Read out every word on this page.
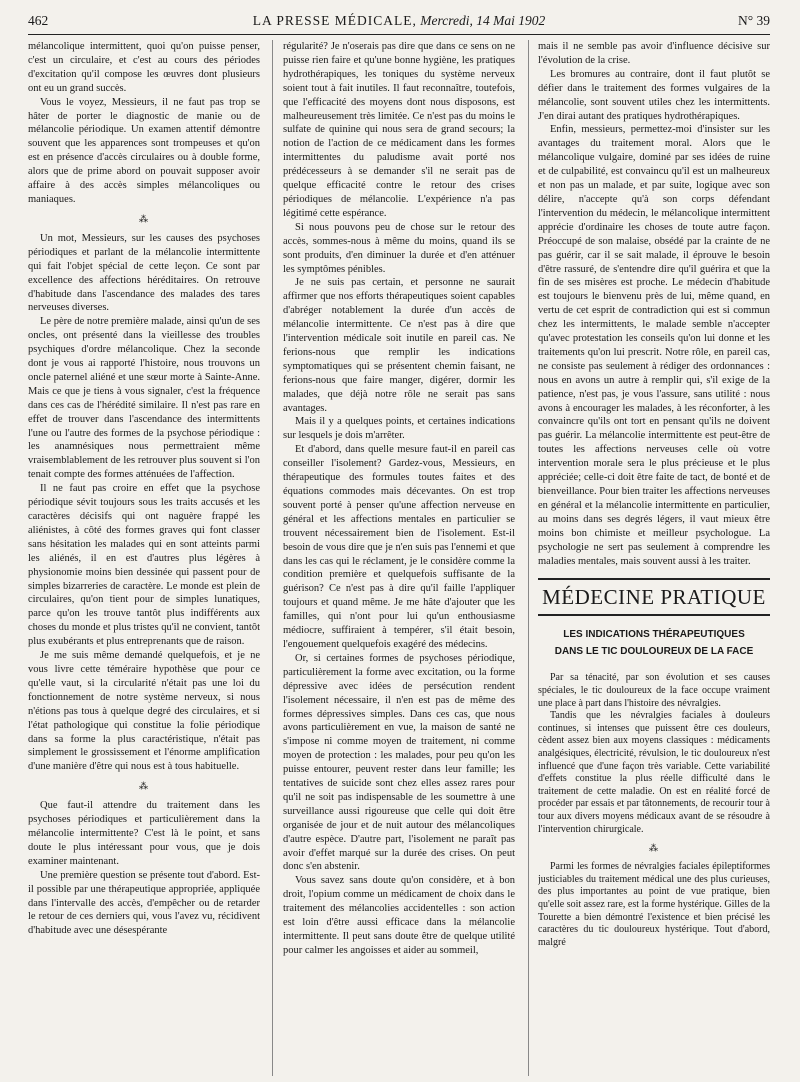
462	LA PRESSE MÉDICALE, Mercredi, 14 Mai 1902	N° 39

mélancolique intermittent, quoi qu'on puisse penser, c'est un circulaire, et c'est au cours des périodes d'excitation qu'il compose les œuvres dont plusieurs ont eu un grand succès.

Vous le voyez, Messieurs, il ne faut pas trop se hâter de porter le diagnostic de manie ou de mélancolie périodique. Un examen attentif démontre souvent que les apparences sont trompeuses et qu'on est en présence d'accès circulaires ou à double forme, alors que de prime abord on pouvait supposer avoir affaire à des accès simples mélancoliques ou maniaques.

⁂

Un mot, Messieurs, sur les causes des psychoses périodiques et parlant de la mélancolie intermittente qui fait l'objet spécial de cette leçon. Ce sont par excellence des affections héréditaires. On retrouve d'habitude dans l'ascendance des malades des tares nerveuses diverses.

Le père de notre première malade, ainsi qu'un de ses oncles, ont présenté dans la vieillesse des troubles psychiques d'ordre mélancolique. Chez la seconde dont je vous ai rapporté l'histoire, nous trouvons un oncle paternel aliéné et une sœur morte à Sainte-Anne. Mais ce que je tiens à vous signaler, c'est la fréquence dans ces cas de l'hérédité similaire. Il n'est pas rare en effet de trouver dans l'ascendance des intermittents l'une ou l'autre des formes de la psychose périodique : les anamnésiques nous permettraient même vraisemblablement de les retrouver plus souvent si l'on tenait compte des formes atténuées de l'affection.

Il ne faut pas croire en effet que la psychose périodique sévit toujours sous les traits accusés et les caractères décisifs qui ont naguère frappé les aliénistes, à côté des formes graves qui font classer sans hésitation les malades qui en sont atteints parmi les aliénés, il en est d'autres plus légères à physionomie moins bien dessinée qui passent pour de simples bizarreries de caractère. Le monde est plein de circulaires, qu'on tient pour de simples lunatiques, parce qu'on les trouve tantôt plus indifférents aux choses du monde et plus tristes qu'il ne convient, tantôt plus exubérants et plus entreprenants que de raison.

Je me suis même demandé quelquefois, et je ne vous livre cette téméraire hypothèse que pour ce qu'elle vaut, si la circularité n'était pas une loi du fonctionnement de notre système nerveux, si nous n'étions pas tous à quelque degré des circulaires, et si l'état pathologique qui constitue la folie périodique dans sa forme la plus caractéristique, n'était pas simplement le grossissement et l'énorme amplification d'une manière d'être qui nous est à tous habituelle.

⁂

Que faut-il attendre du traitement dans les psychoses périodiques et particulièrement dans la mélancolie intermittente? C'est là le point, et sans doute le plus intéressant pour vous, que je dois examiner maintenant.

Une première question se présente tout d'abord. Est-il possible par une thérapeutique appropriée, appliquée dans l'intervalle des accès, d'empêcher ou de retarder le retour de ces derniers qui, vous l'avez vu, récidivent d'habitude avec une désespérante

régularité? Je n'oserais pas dire que dans ce sens on ne puisse rien faire et qu'une bonne hygiène, les pratiques hydrothérapiques, les toniques du système nerveux soient tout à fait inutiles. Il faut reconnaître, toutefois, que l'efficacité des moyens dont nous disposons, est malheureusement très limitée. Ce n'est pas du moins le sulfate de quinine qui nous sera de grand secours; la notion de l'action de ce médicament dans les formes intermittentes du paludisme avait porté nos prédécesseurs à se demander s'il ne serait pas de quelque efficacité contre le retour des crises périodiques de mélancolie. L'expérience n'a pas légitimé cette espérance.

Si nous pouvons peu de chose sur le retour des accès, sommes-nous à même du moins, quand ils se sont produits, d'en diminuer la durée et d'en atténuer les symptômes pénibles.

Je ne suis pas certain, et personne ne saurait affirmer que nos efforts thérapeutiques soient capables d'abréger notablement la durée d'un accès de mélancolie intermittente. Ce n'est pas à dire que l'intervention médicale soit inutile en pareil cas. Ne ferions-nous que remplir les indications symptomatiques qui se présentent chemin faisant, ne ferions-nous que faire manger, digérer, dormir les malades, que déjà notre rôle ne serait pas sans avantages.

Mais il y a quelques points, et certaines indications sur lesquels je dois m'arrêter.

Et d'abord, dans quelle mesure faut-il en pareil cas conseiller l'isolement? Gardez-vous, Messieurs, en thérapeutique des formules toutes faites et des équations commodes mais décevantes. On est trop souvent porté à penser qu'une affection nerveuse en général et les affections mentales en particulier se trouvent nécessairement bien de l'isolement. Est-il besoin de vous dire que je n'en suis pas l'ennemi et que dans les cas qui le réclament, je le considère comme la condition première et quelquefois suffisante de la guérison? Ce n'est pas à dire qu'il faille l'appliquer toujours et quand même. Je me hâte d'ajouter que les familles, qui n'ont pour lui qu'un enthousiasme médiocre, suffiraient à tempérer, s'il était besoin, l'engouement quelquefois exagéré des médecins.

Or, si certaines formes de psychoses périodique, particulièrement la forme avec excitation, ou la forme dépressive avec idées de persécution rendent l'isolement nécessaire, il n'en est pas de même des formes dépressives simples. Dans ces cas, que nous avons particulièrement en vue, la maison de santé ne s'impose ni comme moyen de traitement, ni comme moyen de protection : les malades, pour peu qu'on les puisse entourer, peuvent rester dans leur famille; les tentatives de suicide sont chez elles assez rares pour qu'il ne soit pas indispensable de les soumettre à une surveillance aussi rigoureuse que celle qui doit être organisée de jour et de nuit autour des mélancoliques d'autre espèce. D'autre part, l'isolement ne paraît pas avoir d'effet marqué sur la durée des crises. On peut donc s'en abstenir.

Vous savez sans doute qu'on considère, et à bon droit, l'opium comme un médicament de choix dans le traitement des mélancolies accidentelles : son action est loin d'être aussi efficace dans la mélancolie intermittente. Il peut sans doute être de quelque utilité pour calmer les angoisses et aider au sommeil,

mais il ne semble pas avoir d'influence décisive sur l'évolution de la crise.

Les bromures au contraire, dont il faut plutôt se défier dans le traitement des formes vulgaires de la mélancolie, sont souvent utiles chez les intermittents. J'en dirai autant des pratiques hydrothérapiques.

Enfin, messieurs, permettez-moi d'insister sur les avantages du traitement moral. Alors que le mélancolique vulgaire, dominé par ses idées de ruine et de culpabilité, est convaincu qu'il est un malheureux et non pas un malade, et par suite, logique avec son délire, n'accepte qu'à son corps défendant l'intervention du médecin, le mélancolique intermittent apprécie d'ordinaire les choses de toute autre façon. Préoccupé de son malaise, obsédé par la crainte de ne pas guérir, car il se sait malade, il éprouve le besoin d'être rassuré, de s'entendre dire qu'il guérira et que la fin de ses misères est proche. Le médecin d'habitude est toujours le bienvenu près de lui, même quand, en vertu de cet esprit de contradiction qui est si commun chez les intermittents, le malade semble n'accepter qu'avec protestation les conseils qu'on lui donne et les traitements qu'on lui prescrit. Notre rôle, en pareil cas, ne consiste pas seulement à rédiger des ordonnances : nous en avons un autre à remplir qui, s'il exige de la patience, n'est pas, je vous l'assure, sans utilité : nous avons à encourager les malades, à les réconforter, à les convaincre qu'ils ont tort en pensant qu'ils ne doivent pas guérir. La mélancolie intermittente est peut-être de toutes les affections nerveuses celle où votre intervention morale sera le plus précieuse et le plus appréciée; celle-ci doit être faite de tact, de bonté et de bienveillance. Pour bien traiter les affections nerveuses en général et la mélancolie intermittente en particulier, au moins dans ses degrés légers, il vaut mieux être moins bon chimiste et meilleur psychologue. La psychologie ne sert pas seulement à comprendre les maladies mentales, mais souvent aussi à les traiter.

MÉDECINE PRATIQUE
LES INDICATIONS THÉRAPEUTIQUES
DANS LE TIC DOULOUREUX DE LA FACE

Par sa ténacité, par son évolution et ses causes spéciales, le tic douloureux de la face occupe vraiment une place à part dans l'histoire des névralgies.

Tandis que les névralgies faciales à douleurs continues, si intenses que puissent être ces douleurs, cèdent assez bien aux moyens classiques : médicaments analgésiques, électricité, révulsion, le tic douloureux n'est influencé que d'une façon très variable. Cette variabilité d'effets constitue la plus réelle difficulté dans le traitement de cette maladie. On est en réalité forcé de procéder par essais et par tâtonnements, de recourir tour à tour aux divers moyens médicaux avant de se résoudre à l'intervention chirurgicale.

⁂

Parmi les formes de névralgies faciales épileptiformes justiciables du traitement médical une des plus curieuses, des plus importantes au point de vue pratique, bien qu'elle soit assez rare, est la forme hystérique. Gilles de la Tourette a bien démontré l'existence et bien précisé les caractères du tic douloureux hystérique. Tout d'abord, malgré
